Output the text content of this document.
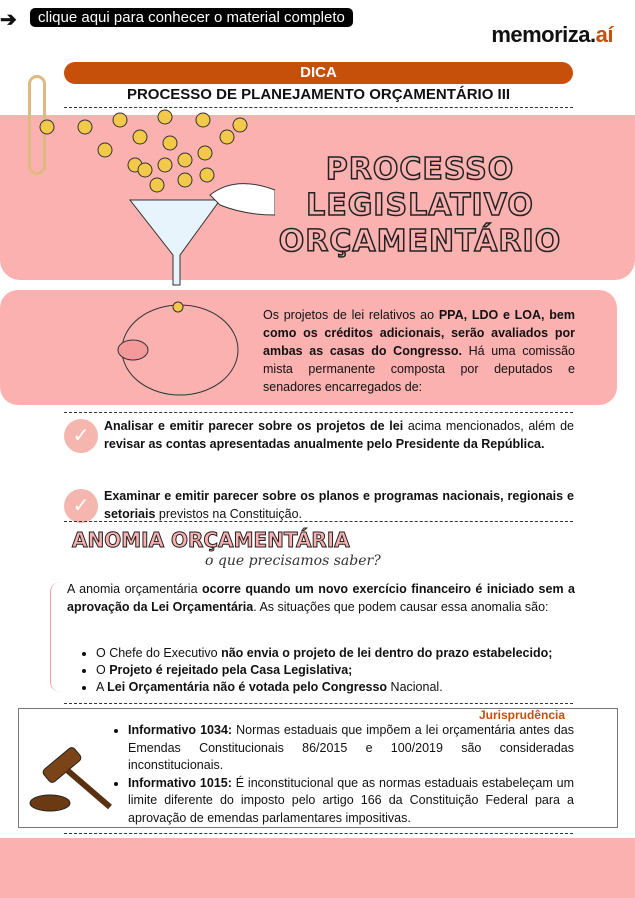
➔	clique aqui para conhecer o material completo
memoriza.aí
DICA
PROCESSO DE PLANEJAMENTO ORÇAMENTÁRIO III
PROCESSO LEGISLATIVO ORÇAMENTÁRIO
Os projetos de lei relativos ao PPA, LDO e LOA, bem como os créditos adicionais, serão avaliados por ambas as casas do Congresso. Há uma comissão mista permanente composta por deputados e senadores encarregados de:
✓	Analisar e emitir parecer sobre os projetos de lei acima mencionados, além de revisar as contas apresentadas anualmente pelo Presidente da República.

✓	Examinar e emitir parecer sobre os planos e programas nacionais, regionais e setoriais previstos na Constituição.

ANOMIA ORÇAMENTÁRIA
o que precisamos saber?
A anomia orçamentária ocorre quando um novo exercício financeiro é iniciado sem a aprovação da Lei Orçamentária. As situações que podem causar essa anomalia são:
• O Chefe do Executivo não envia o projeto de lei dentro do prazo estabelecido;
• O Projeto é rejeitado pela Casa Legislativa;
• A Lei Orçamentária não é votada pelo Congresso Nacional.
Jurisprudência
• Informativo 1034: Normas estaduais que impõem a lei orçamentária antes das Emendas Constitucionais 86/2015 e 100/2019 são consideradas inconstitucionais.
• Informativo 1015: É inconstitucional que as normas estaduais estabeleçam um limite diferente do imposto pelo artigo 166 da Constituição Federal para a aprovação de emendas parlamentares impositivas.
